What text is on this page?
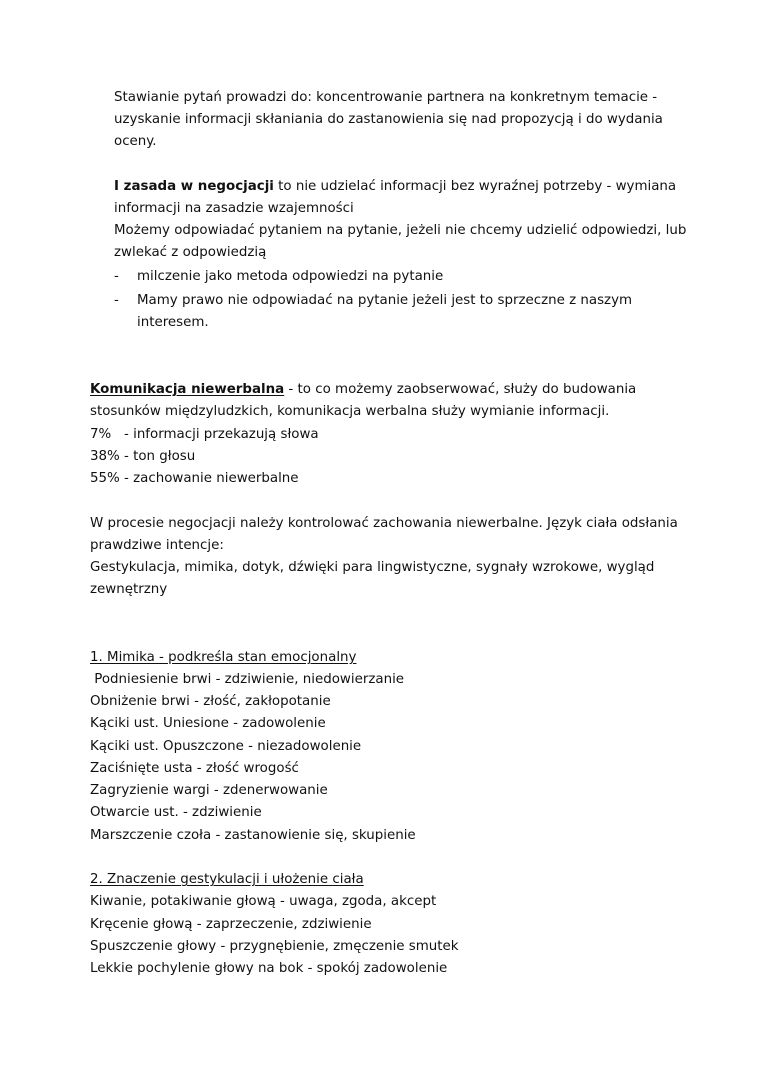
Stawianie pytań prowadzi do: koncentrowanie partnera na konkretnym temacie -
uzyskanie informacji skłaniania do zastanowienia się nad propozycją i do wydania
oceny.
I zasada w negocjacji to nie udzielać informacji bez wyraźnej potrzeby - wymiana
informacji na zasadzie wzajemności
Możemy odpowiadać pytaniem na pytanie, jeżeli nie chcemy udzielić odpowiedzi, lub
zwlekać z odpowiedzią
- milczenie jako metoda odpowiedzi na pytanie
- Mamy prawo nie odpowiadać na pytanie jeżeli jest to sprzeczne z naszym
interesem.
Komunikacja niewerbalna - to co możemy zaobserwować, służy do budowania
stosunków międzyludzkich, komunikacja werbalna służy wymianie informacji.
7%   - informacji przekazują słowa
38% - ton głosu
55% - zachowanie niewerbalne
W procesie negocjacji należy kontrolować zachowania niewerbalne. Język ciała odsłania
prawdziwe intencje:
Gestykulacja, mimika, dotyk, dźwięki para lingwistyczne, sygnały wzrokowe, wygląd
zewnętrzny
1. Mimika - podkreśla stan emocjonalny
Podniesienie brwi - zdziwienie, niedowierzanie
Obniżenie brwi - złość, zakłopotanie
Kąciki ust. Uniesione - zadowolenie
Kąciki ust. Opuszczone - niezadowolenie
Zaciśnięte usta - złość wrogość
Zagryzienie wargi - zdenerwowanie
Otwarcie ust. - zdziwienie
Marszczenie czoła - zastanowienie się, skupienie
2. Znaczenie gestykulacji i ułożenie ciała
Kiwanie, potakiwanie głową - uwaga, zgoda, akcept
Kręcenie głową - zaprzeczenie, zdziwienie
Spuszczenie głowy - przygnębienie, zmęczenie smutek
Lekkie pochylenie głowy na bok - spokój zadowolenie
